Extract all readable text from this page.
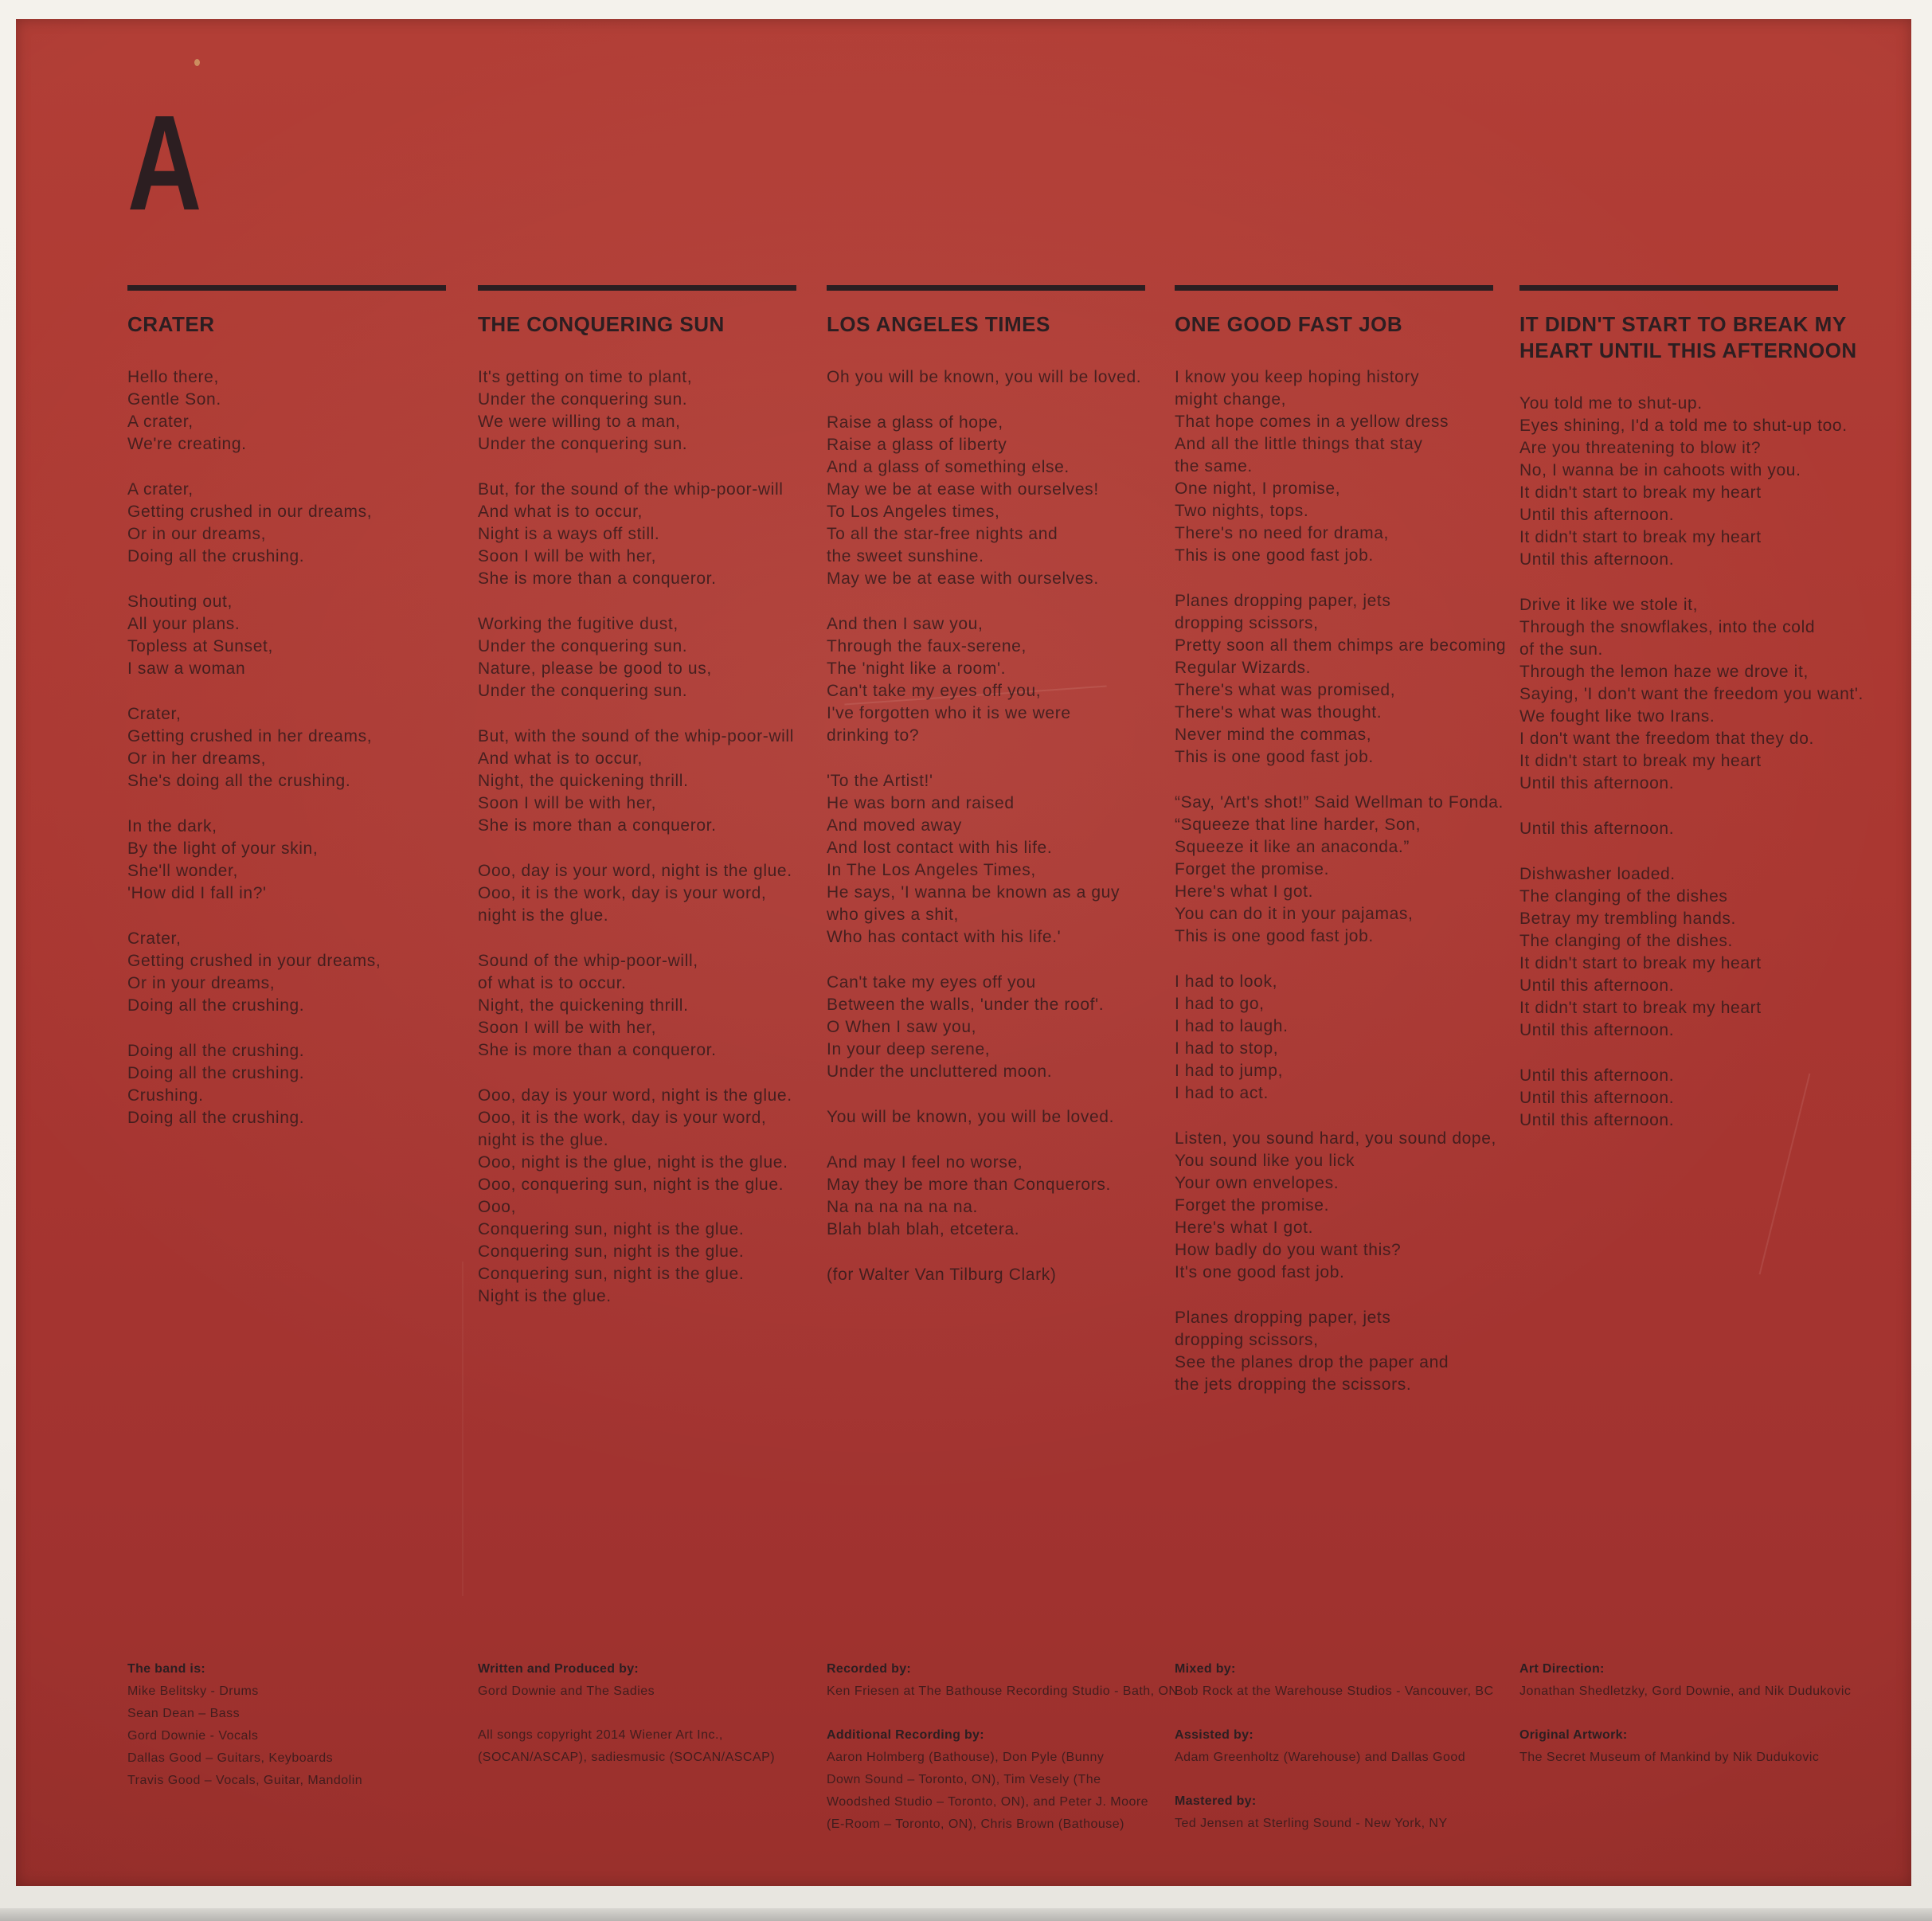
A
CRATER
Hello there,
Gentle Son.
A crater,
We're creating.
A crater,
Getting crushed in our dreams,
Or in our dreams,
Doing all the crushing.
Shouting out,
All your plans.
Topless at Sunset,
I saw a woman
Crater,
Getting crushed in her dreams,
Or in her dreams,
She's doing all the crushing.
In the dark,
By the light of your skin,
She'll wonder,
'How did I fall in?'
Crater,
Getting crushed in your dreams,
Or in your dreams,
Doing all the crushing.
Doing all the crushing.
Doing all the crushing.
Crushing.
Doing all the crushing.
THE CONQUERING SUN
It's getting on time to plant,
Under the conquering sun.
We were willing to a man,
Under the conquering sun.
But, for the sound of the whip-poor-will
And what is to occur,
Night is a ways off still.
Soon I will be with her,
She is more than a conqueror.
Working the fugitive dust,
Under the conquering sun.
Nature, please be good to us,
Under the conquering sun.
But, with the sound of the whip-poor-will
And what is to occur,
Night, the quickening thrill.
Soon I will be with her,
She is more than a conqueror.
Ooo, day is your word, night is the glue.
Ooo, it is the work, day is your word,
night is the glue.
Sound of the whip-poor-will,
of what is to occur.
Night, the quickening thrill.
Soon I will be with her,
She is more than a conqueror.
Ooo, day is your word, night is the glue.
Ooo, it is the work, day is your word,
night is the glue.
Ooo, night is the glue, night is the glue.
Ooo, conquering sun, night is the glue.
Ooo,
Conquering sun, night is the glue.
Conquering sun, night is the glue.
Conquering sun, night is the glue.
Night is the glue.
LOS ANGELES TIMES
Oh you will be known, you will be loved.
Raise a glass of hope,
Raise a glass of liberty
And a glass of something else.
May we be at ease with ourselves!
To Los Angeles times,
To all the star-free nights and
the sweet sunshine.
May we be at ease with ourselves.
And then I saw you,
Through the faux-serene,
The 'night like a room'.
Can't take my eyes off you,
I've forgotten who it is we were
drinking to?
'To the Artist!'
He was born and raised
And moved away
And lost contact with his life.
In The Los Angeles Times,
He says, 'I wanna be known as a guy
who gives a shit,
Who has contact with his life.'
Can't take my eyes off you
Between the walls, 'under the roof'.
O When I saw you,
In your deep serene,
Under the uncluttered moon.
You will be known, you will be loved.
And may I feel no worse,
May they be more than Conquerors.
Na na na na na na.
Blah blah blah, etcetera.
(for Walter Van Tilburg Clark)
ONE GOOD FAST JOB
I know you keep hoping history
might change,
That hope comes in a yellow dress
And all the little things that stay
the same.
One night, I promise,
Two nights, tops.
There's no need for drama,
This is one good fast job.
Planes dropping paper, jets
dropping scissors,
Pretty soon all them chimps are becoming
Regular Wizards.
There's what was promised,
There's what was thought.
Never mind the commas,
This is one good fast job.
“Say, 'Art's shot!” Said Wellman to Fonda.
“Squeeze that line harder, Son,
Squeeze it like an anaconda.”
Forget the promise.
Here's what I got.
You can do it in your pajamas,
This is one good fast job.
I had to look,
I had to go,
I had to laugh.
I had to stop,
I had to jump,
I had to act.
Listen, you sound hard, you sound dope,
You sound like you lick
Your own envelopes.
Forget the promise.
Here's what I got.
How badly do you want this?
It's one good fast job.
Planes dropping paper, jets
dropping scissors,
See the planes drop the paper and
the jets dropping the scissors.
IT DIDN'T START TO BREAK MY HEART UNTIL THIS AFTERNOON
You told me to shut-up.
Eyes shining, I'd a told me to shut-up too.
Are you threatening to blow it?
No, I wanna be in cahoots with you.
It didn't start to break my heart
Until this afternoon.
It didn't start to break my heart
Until this afternoon.
Drive it like we stole it,
Through the snowflakes, into the cold
of the sun.
Through the lemon haze we drove it,
Saying, 'I don't want the freedom you want'.
We fought like two Irans.
I don't want the freedom that they do.
It didn't start to break my heart
Until this afternoon.
Until this afternoon.
Dishwasher loaded.
The clanging of the dishes
Betray my trembling hands.
The clanging of the dishes.
It didn't start to break my heart
Until this afternoon.
It didn't start to break my heart
Until this afternoon.
Until this afternoon.
Until this afternoon.
Until this afternoon.
The band is:
Mike Belitsky - Drums
Sean Dean – Bass
Gord Downie - Vocals
Dallas Good – Guitars, Keyboards
Travis Good – Vocals, Guitar, Mandolin
Written and Produced by:
Gord Downie and The Sadies
All songs copyright 2014 Wiener Art Inc.,
(SOCAN/ASCAP), sadiesmusic (SOCAN/ASCAP)
Recorded by:
Ken Friesen at The Bathouse Recording Studio - Bath, ON
Additional Recording by:
Aaron Holmberg (Bathouse), Don Pyle (Bunny
Down Sound – Toronto, ON), Tim Vesely (The
Woodshed Studio – Toronto, ON), and Peter J. Moore
(E-Room – Toronto, ON), Chris Brown (Bathouse)
Mixed by:
Bob Rock at the Warehouse Studios - Vancouver, BC
Assisted by:
Adam Greenholtz (Warehouse) and Dallas Good
Mastered by:
Ted Jensen at Sterling Sound - New York, NY
Art Direction:
Jonathan Shedletzky, Gord Downie, and Nik Dudukovic
Original Artwork:
The Secret Museum of Mankind by Nik Dudukovic
